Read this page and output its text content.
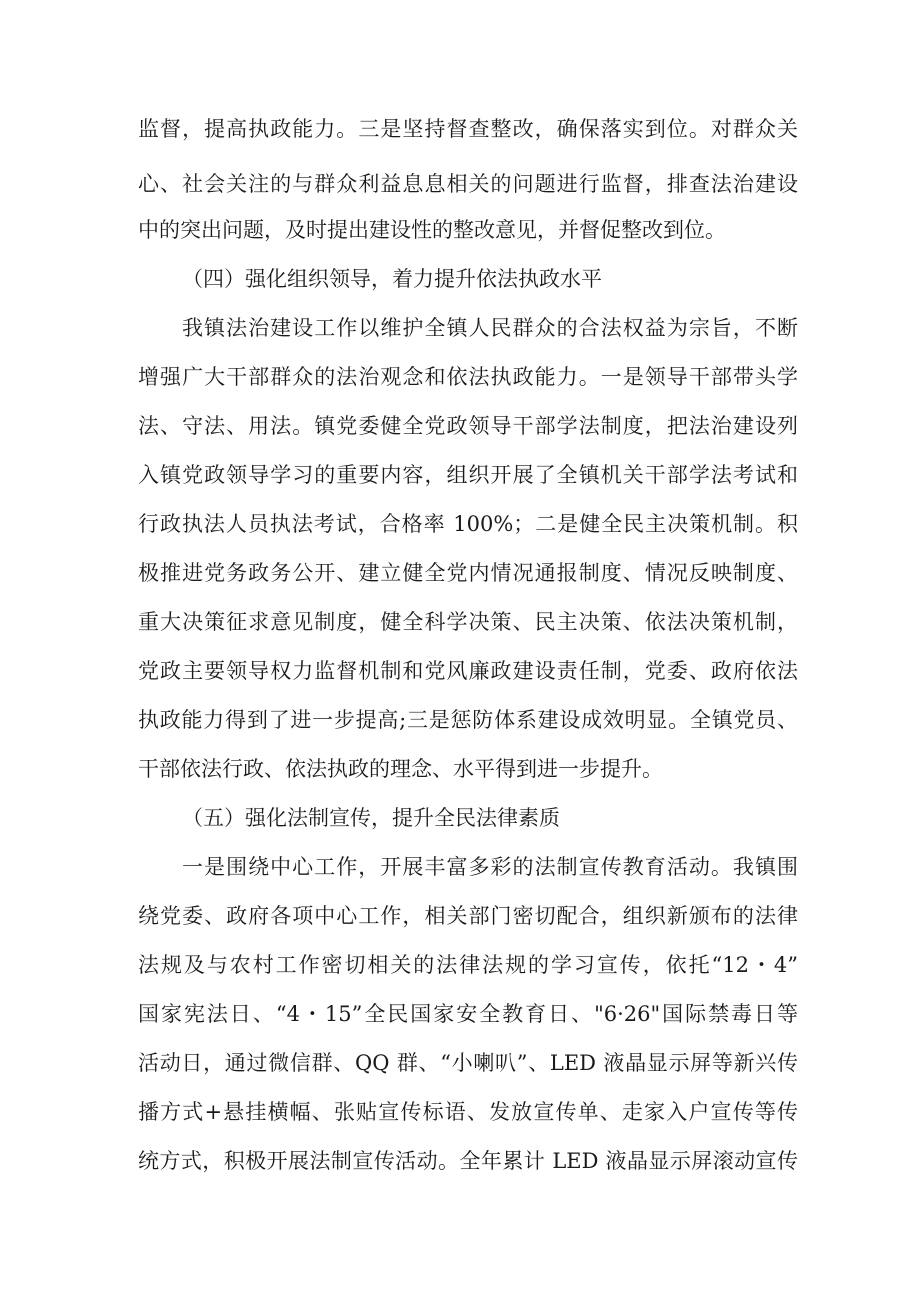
监督，提高执政能力。三是坚持督查整改，确保落实到位。对群众关
心、社会关注的与群众利益息息相关的问题进行监督，排查法治建设
中的突出问题，及时提出建设性的整改意见，并督促整改到位。
（四）强化组织领导，着力提升依法执政水平
我镇法治建设工作以维护全镇人民群众的合法权益为宗旨，不断
增强广大干部群众的法治观念和依法执政能力。一是领导干部带头学
法、守法、用法。镇党委健全党政领导干部学法制度，把法治建设列
入镇党政领导学习的重要内容，组织开展了全镇机关干部学法考试和
行政执法人员执法考试，合格率 100%；二是健全民主决策机制。积
极推进党务政务公开、建立健全党内情况通报制度、情况反映制度、
重大决策征求意见制度，健全科学决策、民主决策、依法决策机制，
党政主要领导权力监督机制和党风廉政建设责任制，党委、政府依法
执政能力得到了进一步提高;三是惩防体系建设成效明显。全镇党员、
干部依法行政、依法执政的理念、水平得到进一步提升。
（五）强化法制宣传，提升全民法律素质
一是围绕中心工作，开展丰富多彩的法制宣传教育活动。我镇围
绕党委、政府各项中心工作，相关部门密切配合，组织新颁布的法律
法规及与农村工作密切相关的法律法规的学习宣传，依托“12・4”
国家宪法日、“4・15”全民国家安全教育日、"6·26"国际禁毒日等
活动日，通过微信群、QQ 群、“小喇叭”、LED 液晶显示屏等新兴传
播方式+悬挂横幅、张贴宣传标语、发放宣传单、走家入户宣传等传
统方式，积极开展法制宣传活动。全年累计 LED 液晶显示屏滚动宣传
